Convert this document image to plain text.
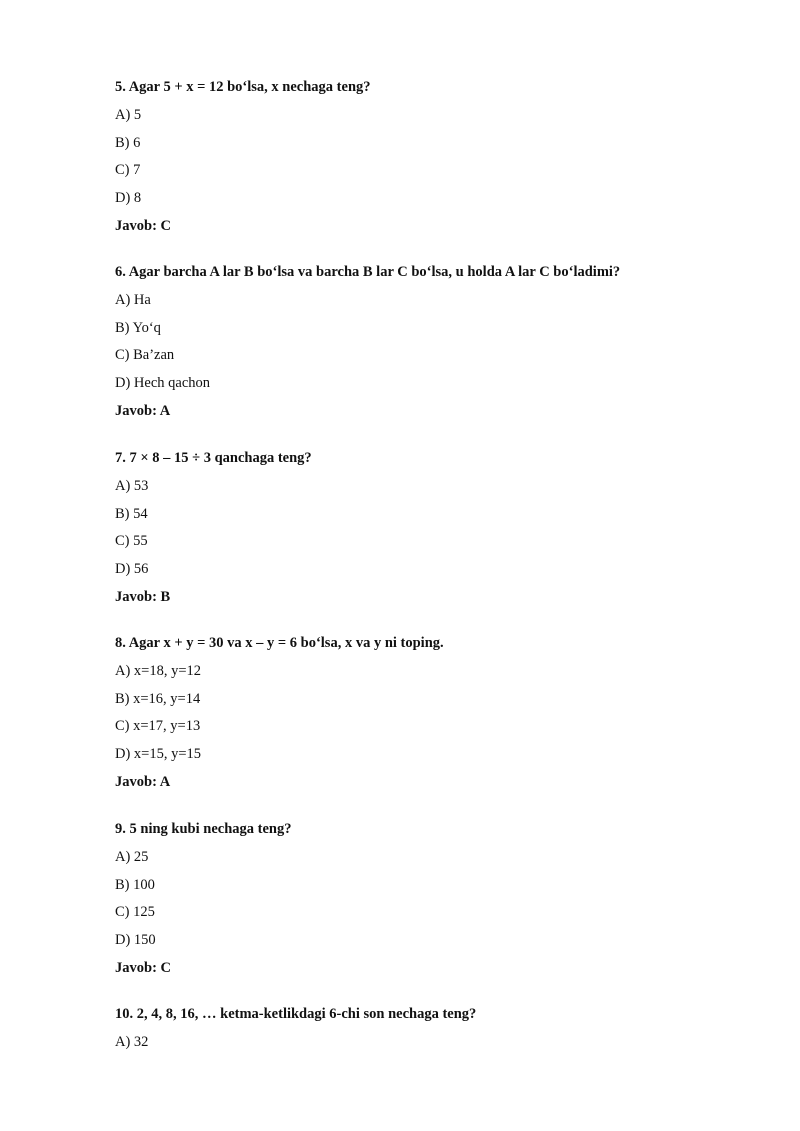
5. Agar 5 + x = 12 bo‘lsa, x nechaga teng?
A) 5
B) 6
C) 7
D) 8
Javob: C
6. Agar barcha A lar B bo‘lsa va barcha B lar C bo‘lsa, u holda A lar C bo‘ladimi?
A) Ha
B) Yo‘q
C) Ba’zan
D) Hech qachon
Javob: A
7. 7 × 8 – 15 ÷ 3 qanchaga teng?
A) 53
B) 54
C) 55
D) 56
Javob: B
8. Agar x + y = 30 va x – y = 6 bo‘lsa, x va y ni toping.
A) x=18, y=12
B) x=16, y=14
C) x=17, y=13
D) x=15, y=15
Javob: A
9. 5 ning kubi nechaga teng?
A) 25
B) 100
C) 125
D) 150
Javob: C
10. 2, 4, 8, 16, … ketma-ketlikdagi 6-chi son nechaga teng?
A) 32
